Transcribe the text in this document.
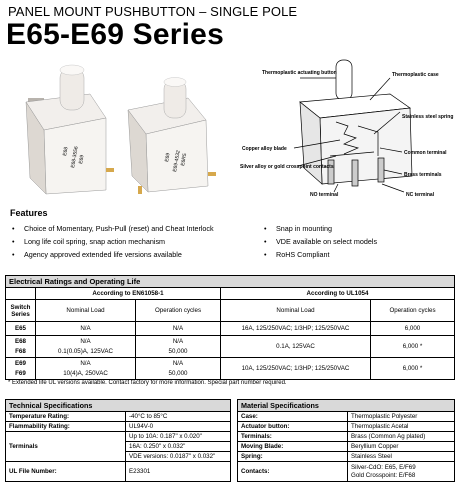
PANEL MOUNT PUSHBUTTON – SINGLE POLE
E65-E69 Series
E68 E68-3556
E69	E69 E69-4532
E6R5
Thermoplastic actuating button	Thermoplastic case
Stainless steel spring
Copper alloy blade
Common terminal
Silver alloy or gold crosspoint contacts
Brass terminals
NO terminal	NC terminal
Features
• Choice of Momentary, Push-Pull (reset) and Cheat Interlock
• Long life coil spring, snap action mechanism
• Agency approved extended life versions available
• Snap in mounting
• VDE available on select models
• RoHS Compliant
Electrical Ratings and Operating Life				
	According to EN61058-1		According to UL1054	
Switch Series	Nominal Load	Operation cycles	Nominal Load	Operation cycles
E65	N/A	N/A	16A, 125/250VAC; 1/3HP; 125/250VAC	6,000
E68	N/A	N/A	0.1A, 125VAC	6,000 *
F68	0.1(0.05)A, 125VAC	50,000		
E69	N/A	N/A	10A, 125/250VAC; 1/3HP; 125/250VAC	6,000 *
F69	10(4)A, 250VAC	50,000		
* Extended life UL versions available. Contact factory for more information. Special part number required.
Technical Specifications			Material Specifications	
Temperature Rating:	-40°C to 85°C		Case:	Thermoplastic Polyester
Flammability Rating:	UL94V-0		Actuator button:	Thermoplastic Acetal
Terminals	Up to 10A: 0.187" x 0.020"		Terminals:	Brass (Common Ag plated)
	16A: 0.250" x 0.032"		Moving Blade:	Beryllium Copper
	VDE versions: 0.0187" x 0.032"		Spring:	Stainless Steel
UL File Number:	E23301		Contacts:	Silver-CdO: E65, E/F69
Gold Crosspoint: E/F68
